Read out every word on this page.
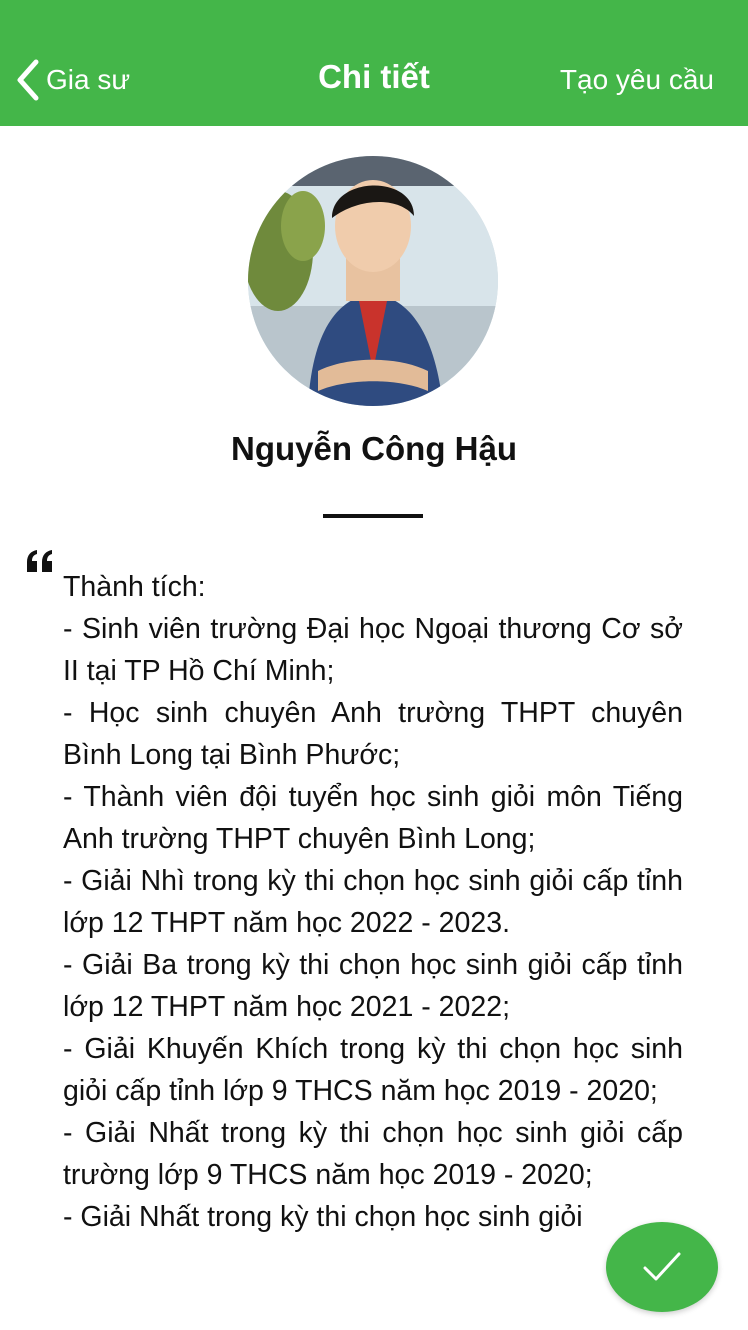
Gia sư	Chi tiết	Tạo yêu cầu
Nguyễn Công Hậu

Thành tích:

- Sinh viên trường Đại học Ngoại thương Cơ sở II tại TP Hồ Chí Minh;

- Học sinh chuyên Anh trường THPT chuyên Bình Long tại Bình Phước;

- Thành viên đội tuyển học sinh giỏi môn Tiếng Anh trường THPT chuyên Bình Long;

- Giải Nhì trong kỳ thi chọn học sinh giỏi cấp tỉnh lớp 12 THPT năm học 2022 - 2023.

- Giải Ba trong kỳ thi chọn học sinh giỏi cấp tỉnh lớp 12 THPT năm học 2021 - 2022;

- Giải Khuyến Khích trong kỳ thi chọn học sinh giỏi cấp tỉnh lớp 9 THCS năm học 2019 - 2020;

- Giải Nhất trong kỳ thi chọn học sinh giỏi cấp trường lớp 9 THCS năm học 2019 - 2020;

- Giải Nhất trong kỳ thi chọn học sinh giỏi
